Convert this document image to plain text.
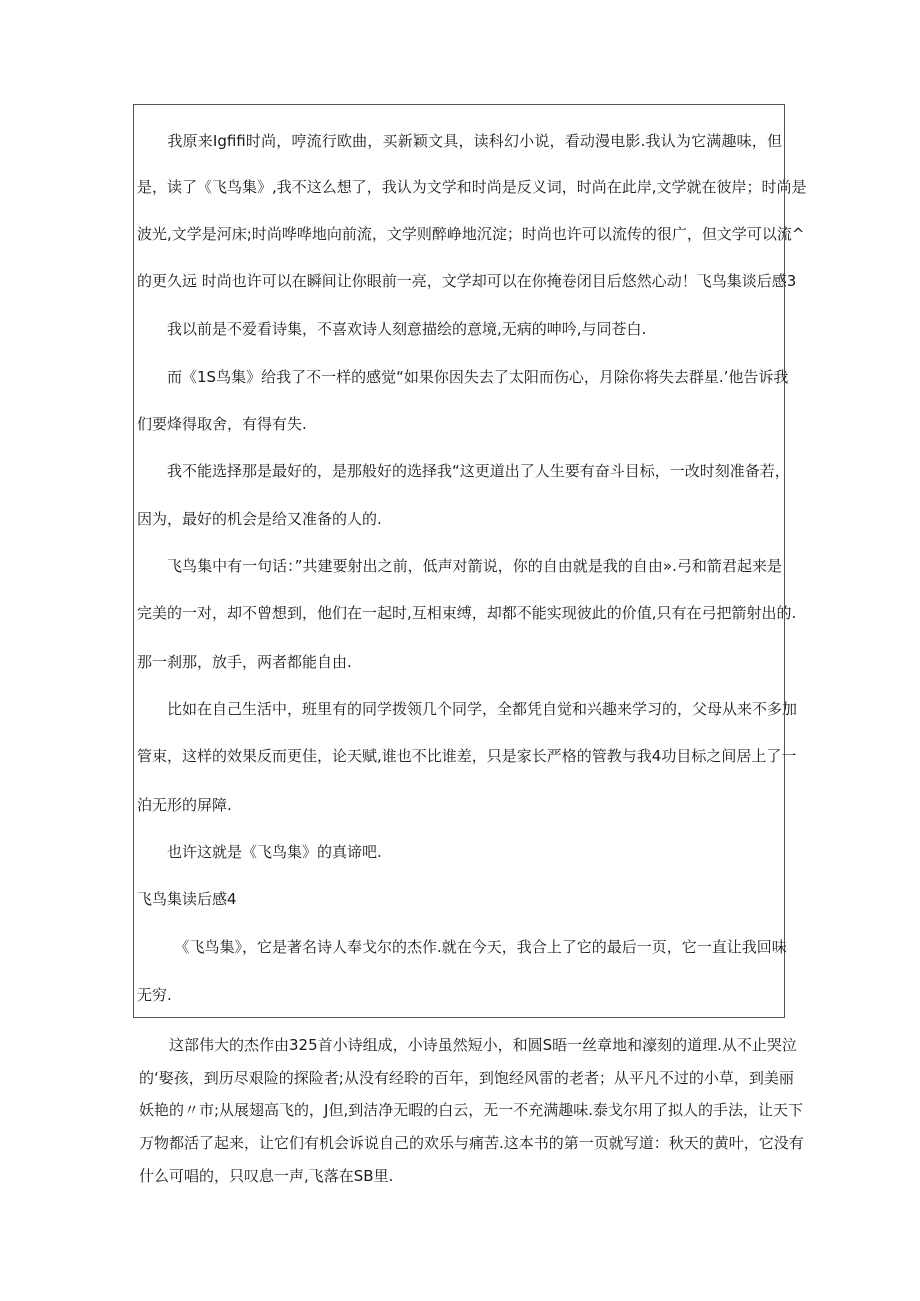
　　我原来Igfifi时尚，哼流行欧曲，买新颖文具，读科幻小说，看动漫电影.我认为它满趣味，但
是，读了《飞鸟集》,我不这么想了，我认为文学和时尚是反义词，时尚在此岸,文学就在彼岸；时尚是
波光,文学是河床;时尚哗哗地向前流，文学则醉峥地沉淀；时尚也许可以流传的很广，但文学可以流^
的更久远 时尚也许可以在瞬间让你眼前一亮，文学却可以在你掩卷闭目后悠然心动！飞鸟集谈后感3
　　我以前是不爱看诗集，不喜欢诗人刻意描绘的意境,无病的呻吟,与同苍白.
　　而《1S鸟集》给我了不一样的感觉“如果你因失去了太阳而伤心，月除你将失去群星.’他告诉我
们要烽得取舍，有得有失.
　　我不能选择那是最好的，是那般好的选择我“这更道出了人生要有奋斗目标，一改时刻准备若，
因为，最好的机会是给又准备的人的.
　　飞鸟集中有一句话：”共建要射出之前，低声对箭说，你的自由就是我的自由».弓和箭君起来是
完美的一对，却不曾想到，他们在一起时,互相束缚，却都不能实现彼此的价值,只有在弓把箭射出的.
那一刹那，放手，两者都能自由.
　　比如在自己生活中，班里有的同学拨领几个同学，全都凭自觉和兴趣来学习的，父母从来不多加
管束，这样的效果反而更佳，论天赋,谁也不比谁差，只是家长严格的管教与我4功目标之间居上了一
泊无形的屏障.
　　也许这就是《飞鸟集》的真谛吧.
飞鸟集读后感4
　　　《飞鸟集》，它是著名诗人奉戈尔的杰作.就在今天，我合上了它的最后一页，它一直让我回味
无穷.
　　这部伟大的杰作由325首小诗组成，小诗虽然短小，和圆S晤一丝章地和濠刻的道理.从不止哭泣
的‘娶孩，到历尽艰险的探险者;从没有经聆的百年，到饱经风雷的老者；从平凡不过的小草，到美丽
妖艳的〃市;从展翅高飞的，J但,到洁净无暇的白云，无一不充满趣味.泰戈尔用了拟人的手法，让天下
万物都活了起来，让它们有机会诉说自己的欢乐与痛苦.这本书的第一页就写道：秋天的黄叶，它没有
什么可唱的，只叹息一声,飞落在SB里.
